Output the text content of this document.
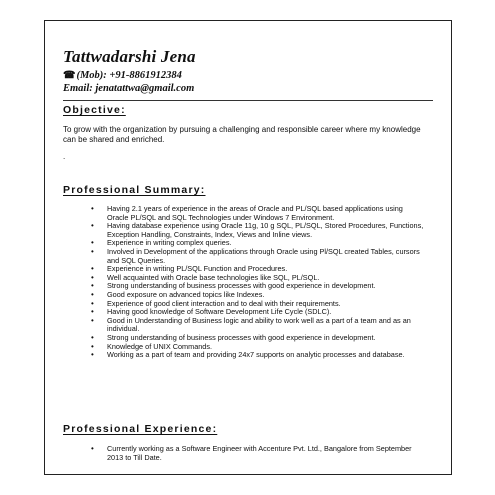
Tattwadarshi Jena
☎(Mob): +91-8861912384
Email: jenatattwa@gmail.com
Objective:
To grow with the organization by pursuing a challenging and responsible career where my knowledge can be shared and enriched.
.
Professional Summary:
• Having 2.1 years of experience in the areas of Oracle and PL/SQL based applications using Oracle PL/SQL and SQL Technologies under Windows 7 Environment.
• Having database experience using Oracle 11g, 10 g SQL, PL/SQL, Stored Procedures, Functions, Exception Handling, Constraints, Index, Views and Inline views.
• Experience in writing complex queries.
• Involved in Development of the applications through Oracle using Pl/SQL created Tables, cursors and SQL Queries.
• Experience in writing PL/SQL Function and Procedures.
• Well acquainted with Oracle base technologies like SQL, PL/SQL.
• Strong understanding of business processes with good experience in development.
• Good exposure on advanced topics like Indexes.
• Experience of good client interaction and to deal with their requirements.
• Having good knowledge of Software Development Life Cycle (SDLC).
• Good in Understanding of Business logic and ability to work well as a part of a team and as an individual.
• Strong understanding of business processes with good experience in development.
• Knowledge of UNIX Commands.
• Working as a part of team and providing 24x7 supports on analytic processes and database.
Professional Experience:
• Currently working as a Software Engineer with Accenture Pvt. Ltd., Bangalore from September 2013 to Till Date.
